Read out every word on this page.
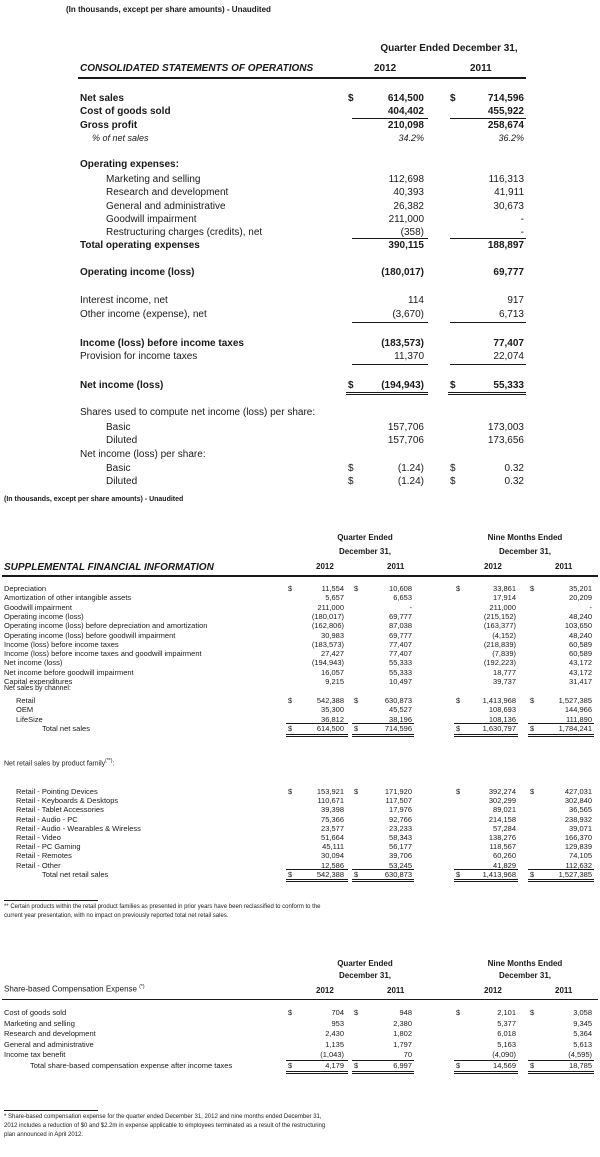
(In thousands, except per share amounts) - Unaudited
Quarter Ended December 31,
CONSOLIDATED STATEMENTS OF OPERATIONS	2012	2011
Net sales	$	614,500	$	714,596
Cost of goods sold	404,402	455,922
Gross profit	210,098	258,674
% of net sales	34.2%	36.2%
Operating expenses:
Marketing and selling	112,698	116,313
Research and development	40,393	41,911
General and administrative	26,382	30,673
Goodwill impairment	211,000	-
Restructuring charges (credits), net	(358)	-
Total operating expenses	390,115	188,897
Operating income (loss)	(180,017)	69,777
Interest income, net	114	917
Other income (expense), net	(3,670)	6,713
Income (loss) before income taxes	(183,573)	77,407
Provision for income taxes	11,370	22,074
Net income (loss)	$	(194,943)	$	55,333
Shares used to compute net income (loss) per share:
Basic	157,706	173,003
Diluted	157,706	173,656
Net income (loss) per share:
Basic	$	(1.24)	$	0.32
Diluted	$	(1.24)	$	0.32
(In thousands, except per share amounts) - Unaudited
Quarter Ended
December 31,
Nine Months Ended
December 31,
SUPPLEMENTAL FINANCIAL INFORMATION	2012	2011	2012	2011
Depreciation	$	11,554 $	10,608	$	33,861 $	35,201
Amortization of other intangible assets	5,657	6,653	17,914	20,209
Goodwill impairment	211,000	-	211,000	-
Operating income (loss)	(180,017)	69,777	(215,152)	48,240
Operating income (loss) before depreciation and amortization	(162,806)	87,038	(163,377)	103,650
Operating income (loss) before goodwill impairment	30,983	69,777	(4,152)	48,240
Income (loss) before income taxes	(183,573)	77,407	(218,839)	60,589
Income (loss) before income taxes and goodwill impairment	27,427	77,407	(7,839)	60,589
Net income (loss)	(194,943)	55,333	(192,223)	43,172
Net income before goodwill impairment	16,057	55,333	18,777	43,172
Capital expenditures	9,215	10,497	39,737	31,417
Net sales by channel:
Retail	$	542,388 $	630,873	$	1,413,968 $	1,527,385
OEM	35,300	45,527	108,693	144,966
LifeSize	36,812	38,196	108,136	111,890
Total net sales	$	614,500 $	714,596	$	1,630,797 $	1,784,241
Net retail sales by product family(**):
Retail - Pointing Devices	$	153,921 $	171,920	$	392,274 $	427,031
Retail - Keyboards & Desktops	110,671	117,507	302,299	302,840
Retail - Tablet Accessories	39,398	17,976	89,021	36,565
Retail - Audio - PC	75,366	92,766	214,158	238,932
Retail - Audio - Wearables & Wireless	23,577	23,233	57,284	39,071
Retail - Video	51,664	58,343	138,276	166,370
Retail - PC Gaming	45,111	56,177	118,567	129,839
Retail - Remotes	30,094	39,706	60,260	74,105
Retail - Other	12,586	53,245	41,829	112,632
Total net retail sales	$	542,388 $	630,873	$	1,413,968 $	1,527,385
** Certain products within the retail product families as presented in prior years have been reclassified to conform to the
current year presentation, with no impact on previously reported total net retail sales.
Quarter Ended
December 31,
Nine Months Ended
December 31,
Share-based Compensation Expense (*)	2012	2011	2012	2011
Cost of goods sold	$	704 $	948	$	2,101 $	3,058
Marketing and selling	953	2,380	5,377	9,345
Research and development	2,430	1,802	6,018	5,364
General and administrative	1,135	1,797	5,163	5,613
Income tax benefit	(1,043)	70	(4,090)	(4,595)
Total share-based compensation expense after income taxes	$	4,179 $	6,997	$	14,569 $	18,785
* Share-based compensation expense for the quarter ended December 31, 2012 and nine months ended December 31,
2012 includes a reduction of $0 and $2.2m in expense applicable to employees terminated as a result of the restructuring
plan announced in April 2012.
